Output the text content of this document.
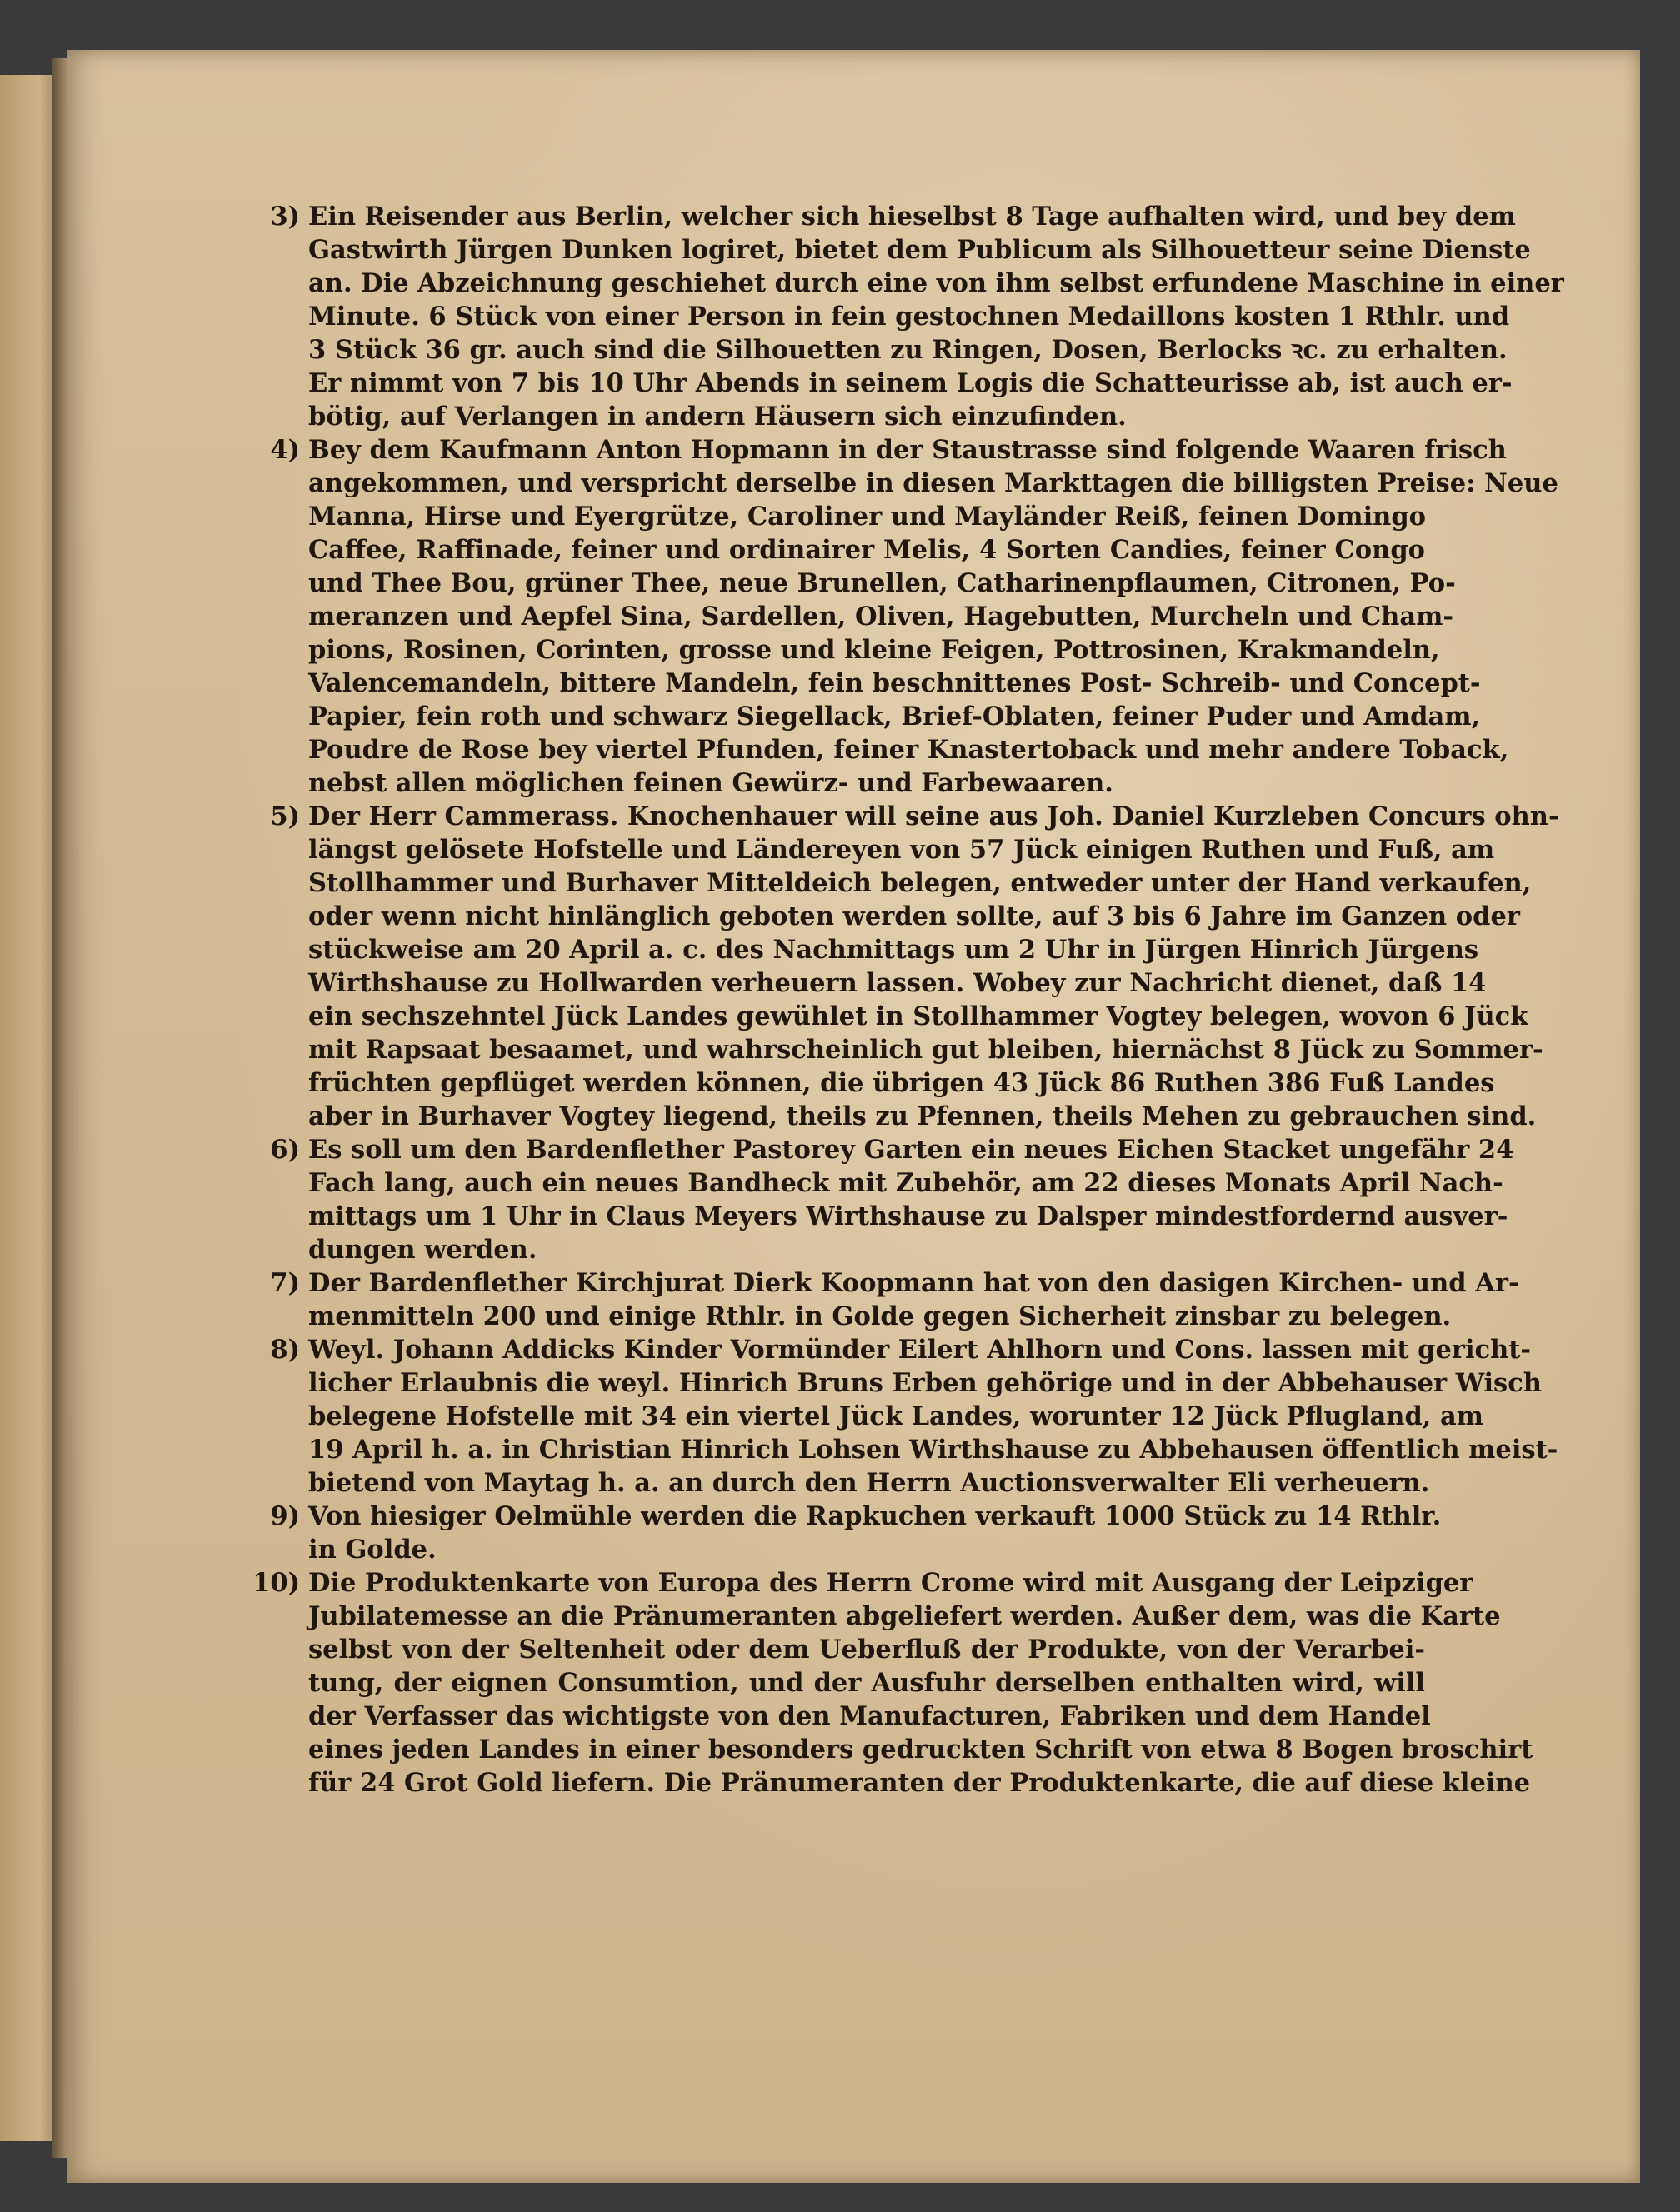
3) Ein Reisender aus Berlin, welcher sich hieselbst 8 Tage aufhalten wird, und bey dem
Gastwirth Jürgen Dunken logiret, bietet dem Publicum als Silhouetteur seine Dienste
an. Die Abzeichnung geschiehet durch eine von ihm selbst erfundene Maschine in einer
Minute. 6 Stück von einer Person in fein gestochnen Medaillons kosten 1 Rthlr. und
3 Stück 36 gr. auch sind die Silhouetten zu Ringen, Dosen, Berlocks ꝛc. zu erhalten.
Er nimmt von 7 bis 10 Uhr Abends in seinem Logis die Schatteurisse ab, ist auch er-
bötig, auf Verlangen in andern Häusern sich einzufinden.
4) Bey dem Kaufmann Anton Hopmann in der Staustrasse sind folgende Waaren frisch
angekommen, und verspricht derselbe in diesen Markttagen die billigsten Preise: Neue
Manna, Hirse und Eyergrütze, Caroliner und Mayländer Reiß, feinen Domingo
Caffee, Raffinade, feiner und ordinairer Melis, 4 Sorten Candies, feiner Congo
und Thee Bou, grüner Thee, neue Brunellen, Catharinenpflaumen, Citronen, Po-
meranzen und Aepfel Sina, Sardellen, Oliven, Hagebutten, Murcheln und Cham-
pions, Rosinen, Corinten, grosse und kleine Feigen, Pottrosinen, Krakmandeln,
Valencemandeln, bittere Mandeln, fein beschnittenes Post- Schreib- und Concept-
Papier, fein roth und schwarz Siegellack, Brief-Oblaten, feiner Puder und Amdam,
Poudre de Rose bey viertel Pfunden, feiner Knastertoback und mehr andere Toback,
nebst allen möglichen feinen Gewürz- und Farbewaaren.
5) Der Herr Cammerass. Knochenhauer will seine aus Joh. Daniel Kurzleben Concurs ohn-
längst gelösete Hofstelle und Ländereyen von 57 Jück einigen Ruthen und Fuß, am
Stollhammer und Burhaver Mitteldeich belegen, entweder unter der Hand verkaufen,
oder wenn nicht hinlänglich geboten werden sollte, auf 3 bis 6 Jahre im Ganzen oder
stückweise am 20 April a. c. des Nachmittags um 2 Uhr in Jürgen Hinrich Jürgens
Wirthshause zu Hollwarden verheuern lassen. Wobey zur Nachricht dienet, daß 14
ein sechszehntel Jück Landes gewühlet in Stollhammer Vogtey belegen, wovon 6 Jück
mit Rapsaat besaamet, und wahrscheinlich gut bleiben, hiernächst 8 Jück zu Sommer-
früchten gepflüget werden können, die übrigen 43 Jück 86 Ruthen 386 Fuß Landes
aber in Burhaver Vogtey liegend, theils zu Pfennen, theils Mehen zu gebrauchen sind.
6) Es soll um den Bardenflether Pastorey Garten ein neues Eichen Stacket ungefähr 24
Fach lang, auch ein neues Bandheck mit Zubehör, am 22 dieses Monats April Nach-
mittags um 1 Uhr in Claus Meyers Wirthshause zu Dalsper mindestfordernd ausver-
dungen werden.
7) Der Bardenflether Kirchjurat Dierk Koopmann hat von den dasigen Kirchen- und Ar-
menmitteln 200 und einige Rthlr. in Golde gegen Sicherheit zinsbar zu belegen.
8) Weyl. Johann Addicks Kinder Vormünder Eilert Ahlhorn und Cons. lassen mit gericht-
licher Erlaubnis die weyl. Hinrich Bruns Erben gehörige und in der Abbehauser Wisch
belegene Hofstelle mit 34 ein viertel Jück Landes, worunter 12 Jück Pflugland, am
19 April h. a. in Christian Hinrich Lohsen Wirthshause zu Abbehausen öffentlich meist-
bietend von Maytag h. a. an durch den Herrn Auctionsverwalter Eli verheuern.
9) Von hiesiger Oelmühle werden die Rapkuchen verkauft 1000 Stück zu 14 Rthlr.
in Golde.
10) Die Produktenkarte von Europa des Herrn Crome wird mit Ausgang der Leipziger
Jubilatemesse an die Pränumeranten abgeliefert werden. Außer dem, was die Karte
selbst von der Seltenheit oder dem Ueberfluß der Produkte, von der Verarbei-
tung, der eignen Consumtion, und der Ausfuhr derselben enthalten wird, will
der Verfasser das wichtigste von den Manufacturen, Fabriken und dem Handel
eines jeden Landes in einer besonders gedruckten Schrift von etwa 8 Bogen broschirt
für 24 Grot Gold liefern. Die Pränumeranten der Produktenkarte, die auf diese kleine
